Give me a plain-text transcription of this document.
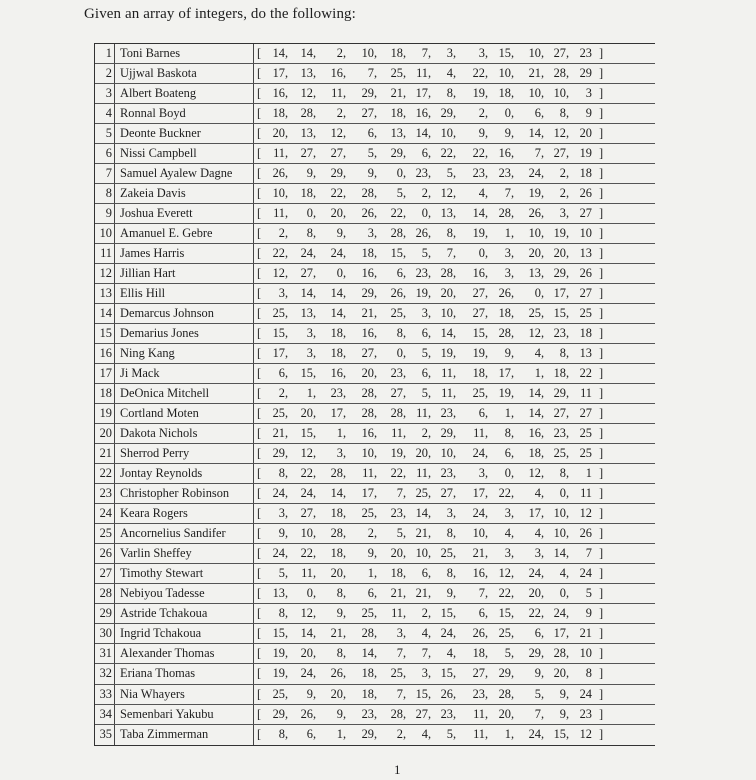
Given an array of integers, do the following:
1 Toni Barnes	[ 14 , 14 , 2 , 10 , 18 , 7 , 3 , 3 , 15 , 10 , 27 , 23 ]
2 Ujjwal Baskota	[ 17 , 13 , 16 , 7 , 25 , 11 , 4 , 22 , 10 , 21 , 28 , 29 ]
3 Albert Boateng	[ 16 , 12 , 11 , 29 , 21 , 17 , 8 , 19 , 18 , 10 , 10 , 3 ]
4 Ronnal Boyd	[ 18 , 28 , 2 , 27 , 18 , 16 , 29 , 2 , 0 , 6 , 8 , 9 ]
5 Deonte Buckner	[ 20 , 13 , 12 , 6 , 13 , 14 , 10 , 9 , 9 , 14 , 12 , 20 ]
6 Nissi Campbell	[ 11 , 27 , 27 , 5 , 29 , 6 , 22 , 22 , 16 , 7 , 27 , 19 ]
7 Samuel Ayalew Dagne [ 26 , 9 , 29 , 9 , 0 , 23 , 5 , 23 , 23 , 24 , 2 , 18 ]
8 Zakeia Davis	[ 10 , 18 , 22 , 28 , 5 , 2 , 12 , 4 , 7 , 19 , 2 , 26 ]
9 Joshua Everett	[ 11 , 0 , 20 , 26 , 22 , 0 , 13 , 14 , 28 , 26 , 3 , 27 ]
10 Amanuel E. Gebre	[ 2 , 8 , 9 , 3 , 28 , 26 , 8 , 19 , 1 , 10 , 19 , 10 ]
11 James Harris	[ 22 , 24 , 24 , 18 , 15 , 5 , 7 , 0 , 3 , 20 , 20 , 13 ]
12 Jillian Hart	[ 12 , 27 , 0 , 16 , 6 , 23 , 28 , 16 , 3 , 13 , 29 , 26 ]
13 Ellis Hill	[ 3 , 14 , 14 , 29 , 26 , 19 , 20 , 27 , 26 , 0 , 17 , 27 ]
14 Demarcus Johnson	[ 25 , 13 , 14 , 21 , 25 , 3 , 10 , 27 , 18 , 25 , 15 , 25 ]
15 Demarius Jones	[ 15 , 3 , 18 , 16 , 8 , 6 , 14 , 15 , 28 , 12 , 23 , 18 ]
16 Ning Kang	[ 17 , 3 , 18 , 27 , 0 , 5 , 19 , 19 , 9 , 4 , 8 , 13 ]
17 Ji Mack	[ 6 , 15 , 16 , 20 , 23 , 6 , 11 , 18 , 17 , 1 , 18 , 22 ]
18 DeOnica Mitchell	[ 2 , 1 , 23 , 28 , 27 , 5 , 11 , 25 , 19 , 14 , 29 , 11 ]
19 Cortland Moten	[ 25 , 20 , 17 , 28 , 28 , 11 , 23 , 6 , 1 , 14 , 27 , 27 ]
20 Dakota Nichols	[ 21 , 15 , 1 , 16 , 11 , 2 , 29 , 11 , 8 , 16 , 23 , 25 ]
21 Sherrod Perry	[ 29 , 12 , 3 , 10 , 19 , 20 , 10 , 24 , 6 , 18 , 25 , 25 ]
22 Jontay Reynolds	[ 8 , 22 , 28 , 11 , 22 , 11 , 23 , 3 , 0 , 12 , 8 , 1 ]
23 Christopher Robinson [ 24 , 24 , 14 , 17 , 7 , 25 , 27 , 17 , 22 , 4 , 0 , 11 ]
24 Keara Rogers	[ 3 , 27 , 18 , 25 , 23 , 14 , 3 , 24 , 3 , 17 , 10 , 12 ]
25 Ancornelius Sandifer	[ 9 , 10 , 28 , 2 , 5 , 21 , 8 , 10 , 4 , 4 , 10 , 26 ]
26 Varlin Sheffey	[ 24 , 22 , 18 , 9 , 20 , 10 , 25 , 21 , 3 , 3 , 14 , 7 ]
27 Timothy Stewart	[ 5 , 11 , 20 , 1 , 18 , 6 , 8 , 16 , 12 , 24 , 4 , 24 ]
28 Nebiyou Tadesse	[ 13 , 0 , 8 , 6 , 21 , 21 , 9 , 7 , 22 , 20 , 0 , 5 ]
29 Astride Tchakoua	[ 8 , 12 , 9 , 25 , 11 , 2 , 15 , 6 , 15 , 22 , 24 , 9 ]
30 Ingrid Tchakoua	[ 15 , 14 , 21 , 28 , 3 , 4 , 24 , 26 , 25 , 6 , 17 , 21 ]
31 Alexander Thomas	[ 19 , 20 , 8 , 14 , 7 , 7 , 4 , 18 , 5 , 29 , 28 , 10 ]
32 Eriana Thomas	[ 19 , 24 , 26 , 18 , 25 , 3 , 15 , 27 , 29 , 9 , 20 , 8 ]
33 Nia Whayers	[ 25 , 9 , 20 , 18 , 7 , 15 , 26 , 23 , 28 , 5 , 9 , 24 ]
34 Semenbari Yakubu	[ 29 , 26 , 9 , 23 , 28 , 27 , 23 , 11 , 20 , 7 , 9 , 23 ]
35 Taba Zimmerman	[ 8 , 6 , 1 , 29 , 2 , 4 , 5 , 11 , 1 , 24 , 15 , 12 ]
1
